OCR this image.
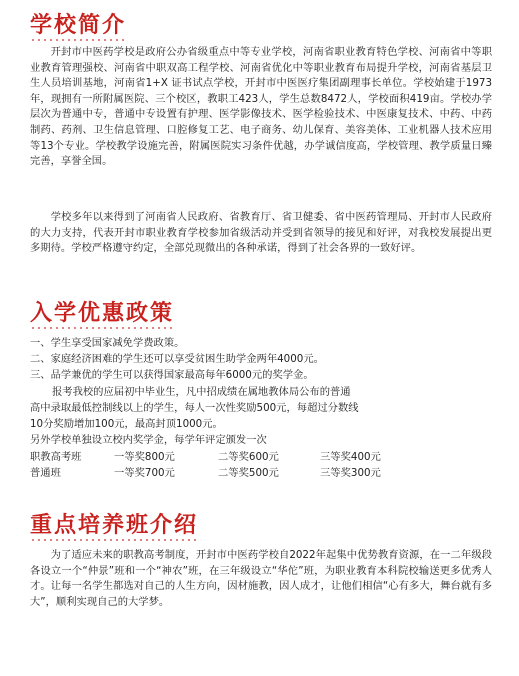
学校简介

开封市中医药学校是政府公办省级重点中等专业学校，河南省职业教育特色学校、河南省中等职业教育管理强校、河南省中职双高工程学校、河南省优化中等职业教育布局提升学校，河南省基层卫生人员培训基地，河南省1+X 证书试点学校，开封市中医医疗集团副理事长单位。学校始建于1973年，现拥有一所附属医院、三个校区，教职工423人，学生总数8472人，学校面积419亩。学校办学层次为普通中专，普通中专设置有护理、医学影像技术、医学检验技术、中医康复技术、中药、中药制药、药剂、卫生信息管理、口腔修复工艺、电子商务、幼儿保育、美容美体、工业机器人技术应用等13个专业。学校教学设施完善，附属医院实习条件优越，办学诚信度高，学校管理、教学质量日臻完善，享誉全国。

学校多年以来得到了河南省人民政府、省教育厅、省卫健委、省中医药管理局、开封市人民政府的大力支持，代表开封市职业教育学校参加省级活动并受到省领导的接见和好评，对我校发展提出更多期待。学校严格遵守约定，全部兑现微出的各种承诺，得到了社会各界的一致好评。

入学优惠政策

一、学生享受国家减免学费政策。

二、家庭经济困难的学生还可以享受贫困生助学金两年4000元。

三、品学兼优的学生可以获得国家最高每年6000元的奖学金。

报考我校的应届初中毕业生，凡中招成绩在属地教体局公布的普通

高中录取最低控制线以上的学生，每人一次性奖励500元，每超过分数线

10分奖励增加100元，最高封顶1000元。

另外学校单独设立校内奖学金，每学年评定颁发一次

职教高考班	一等奖800元	二等奖600元	三等奖400元
普通班	一等奖700元	二等奖500元	三等奖300元
重点培养班介绍

为了适应未来的职教高考制度，开封市中医药学校自2022年起集中优势教育资源，在一二年级段各设立一个“仲景”班和一个“神农”班，在三年级设立“华佗”班，为职业教育本科院校输送更多优秀人才。让每一名学生都选对自己的人生方向，因材施教，因人成才，让他们相信“心有多大，舞台就有多大”，顺利实现自己的大学梦。
